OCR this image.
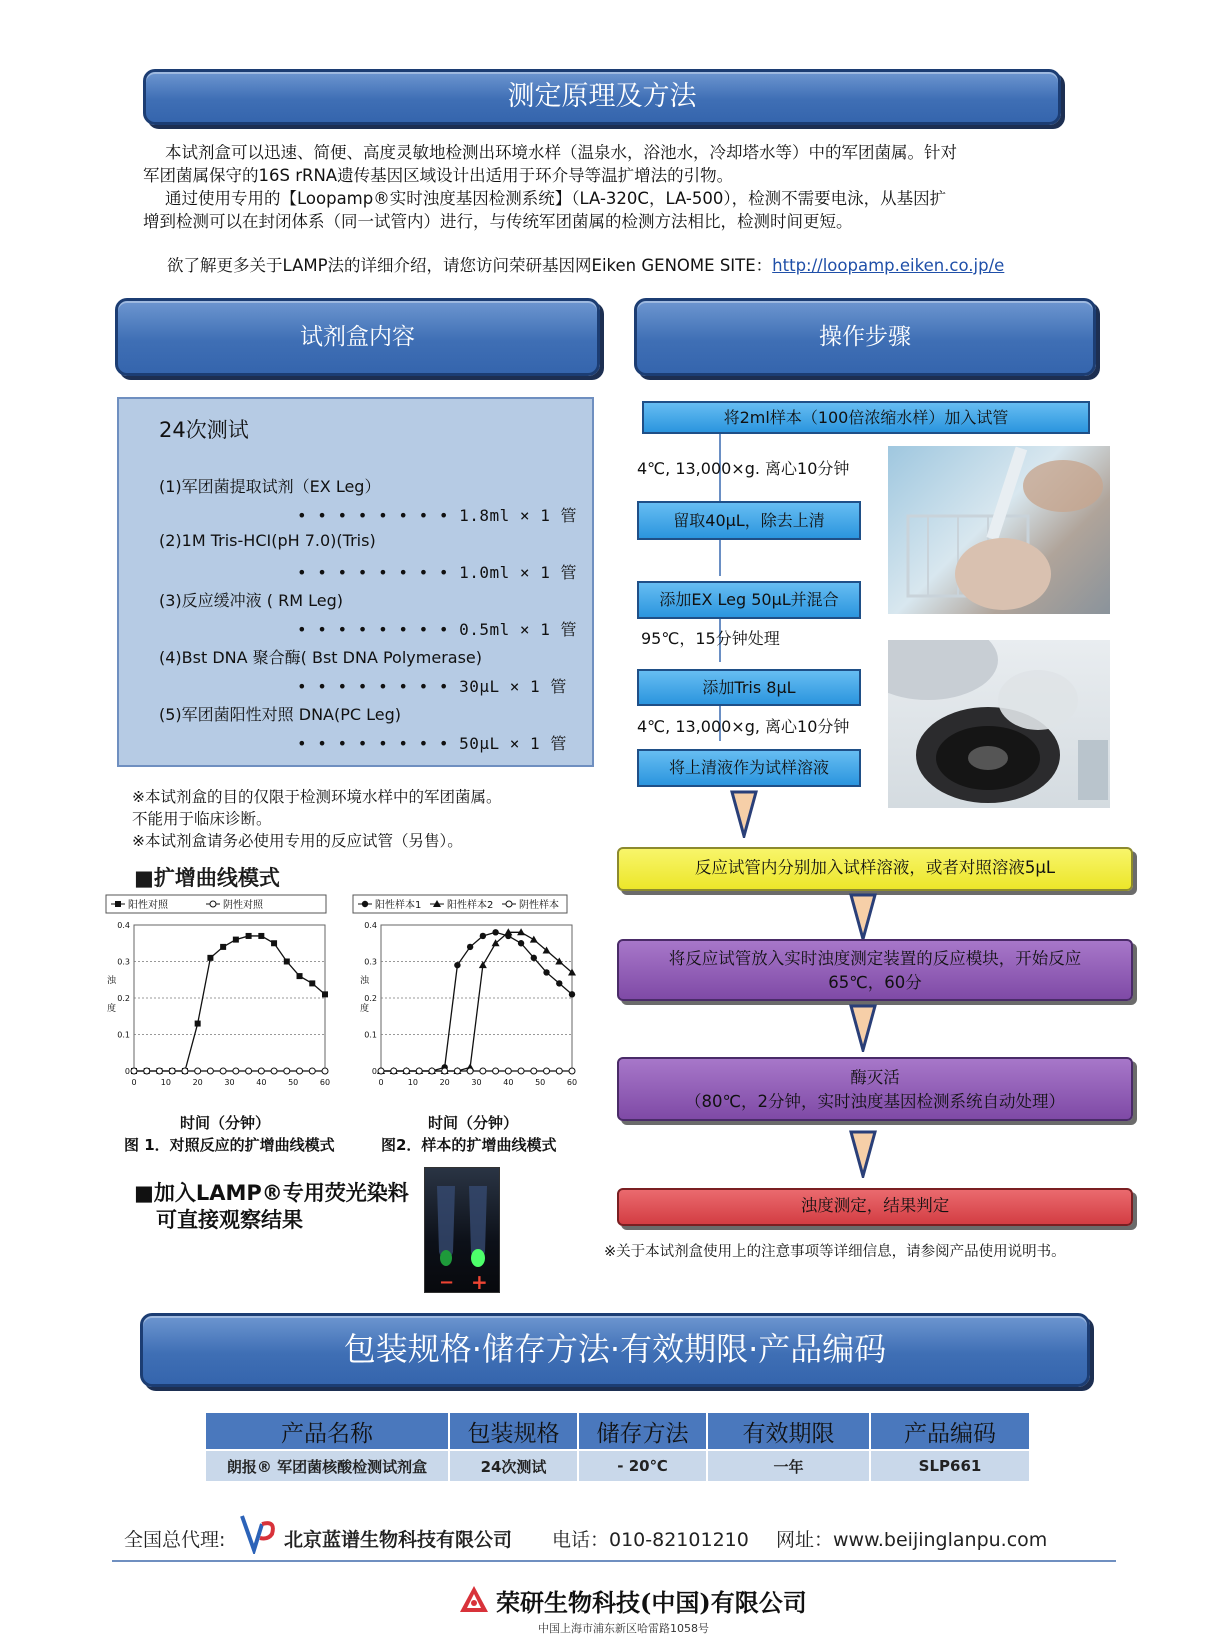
测定原理及方法
本试剂盒可以迅速、简便、高度灵敏地检测出环境水样（温泉水，浴池水，冷却塔水等）中的军团菌属。针对
军团菌属保守的16S rRNA遗传基因区域设计出适用于环介导等温扩增法的引物。
通过使用专用的【Loopamp®实时浊度基因检测系统】（LA-320C，LA-500），检测不需要电泳，从基因扩
增到检测可以在封闭体系（同一试管内）进行，与传统军团菌属的检测方法相比，检测时间更短。
欲了解更多关于LAMP法的详细介绍，请您访问荣研基因网Eiken GENOME SITE：http://loopamp.eiken.co.jp/e
试剂盒内容	操作步骤
24次测试
(1)军团菌提取试剂（EX Leg）
• • • • • • • • 1.8ml × 1 管
(2)1M Tris-HCI(pH 7.0)(Tris)
• • • • • • • • 1.0ml × 1 管
(3)反应缓冲液 ( RM Leg)
• • • • • • • • 0.5ml × 1 管
(4)Bst DNA 聚合酶( Bst DNA Polymerase)
• • • • • • • • 30μL × 1 管
(5)军团菌阳性对照 DNA(PC Leg)
• • • • • • • • 50μL × 1 管
※本试剂盒的目的仅限于检测环境水样中的军团菌属。
不能用于临床诊断。
※本试剂盒请务必使用专用的反应试管（另售）。
■扩增曲线模式
阳性对照	阴性对照
0
0.1
0.2
0.3
0.4
0	10	20	30	40	50	60
浊
度
阳性样本1	阳性样本2	阴性样本
0
0.1
0.2
0.3
0.4
0	10	20	30	40	50	60
浊
度
时间（分钟）	时间（分钟）
图 1．对照反应的扩增曲线模式	图2．样本的扩增曲线模式
■加入LAMP®专用荧光染料
可直接观察结果
− +
将2ml样本（100倍浓缩水样）加入试管
4℃, 13,000×g. 离心10分钟
留取40μL，除去上清
添加EX Leg 50μL并混合
95℃，15分钟处理
添加Tris 8μL
4℃, 13,000×g, 离心10分钟
将上清液作为试样溶液
反应试管内分别加入试样溶液，或者对照溶液5μL
将反应试管放入实时浊度测定装置的反应模块，开始反应
65℃，60分
酶灭活
（80℃，2分钟，实时浊度基因检测系统自动处理）
浊度测定，结果判定
※关于本试剂盒使用上的注意事项等详细信息，请参阅产品使用说明书。
包装规格·储存方法·有效期限·产品编码
产品名称	包装规格	储存方法	有效期限	产品编码
朗报® 军团菌核酸检测试剂盒	24次测试	- 20℃	一年	SLP661
全国总代理:	北京蓝谱生物科技有限公司 电话：010-82101210 网址：www.beijinglanpu.com
荣研生物科技(中国)有限公司
中国上海市浦东新区哈雷路1058号
